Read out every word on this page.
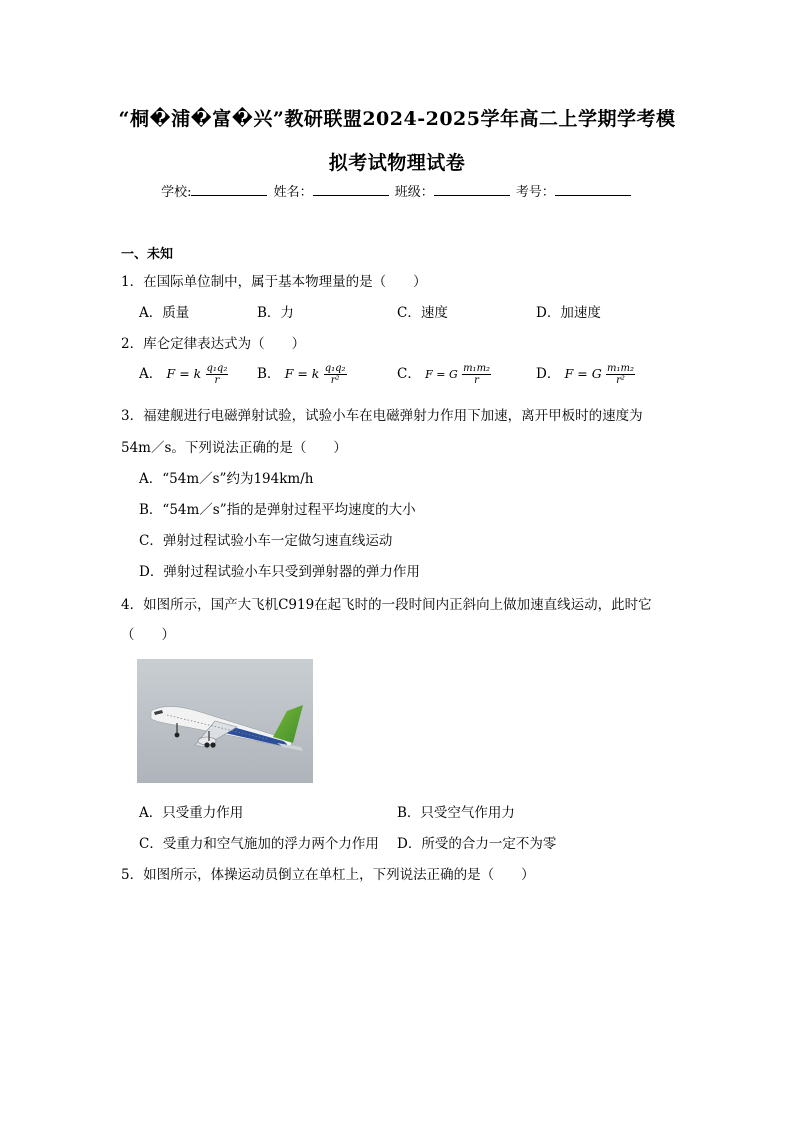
“桐�浦�富�兴”教研联盟2024-2025学年高二上学期学考模
拟考试物理试卷
学校:	姓名：	班级：	考号：
一、未知
1．在国际单位制中，属于基本物理量的是（　　）
A．质量	B．力	C．速度	D．加速度
2．库仑定律表达式为（　　）
A． F = k $\frac{\text{q₁q₂}}{r}$ B． F = k $\frac{\text{q₁q₂}}{\text{r²}}$	C． F = G $\frac{\text{m₁m₂}}{r}$	D． F = G $\frac{\text{m₁m₂}}{\text{r²}}$
3．福建舰进行电磁弹射试验，试验小车在电磁弹射力作用下加速，离开甲板时的速度为
54m／s。下列说法正确的是（　　）
A．“54m／s”约为194km/h
B．“54m／s”指的是弹射过程平均速度的大小
C．弹射过程试验小车一定做匀速直线运动
D．弹射过程试验小车只受到弹射器的弹力作用
4．如图所示，国产大飞机C919在起飞时的一段时间内正斜向上做加速直线运动，此时它
（　　）
A．只受重力作用	B．只受空气作用力
C．受重力和空气施加的浮力两个力作用 D．所受的合力一定不为零
5．如图所示，体操运动员倒立在单杠上，下列说法正确的是（　　）
